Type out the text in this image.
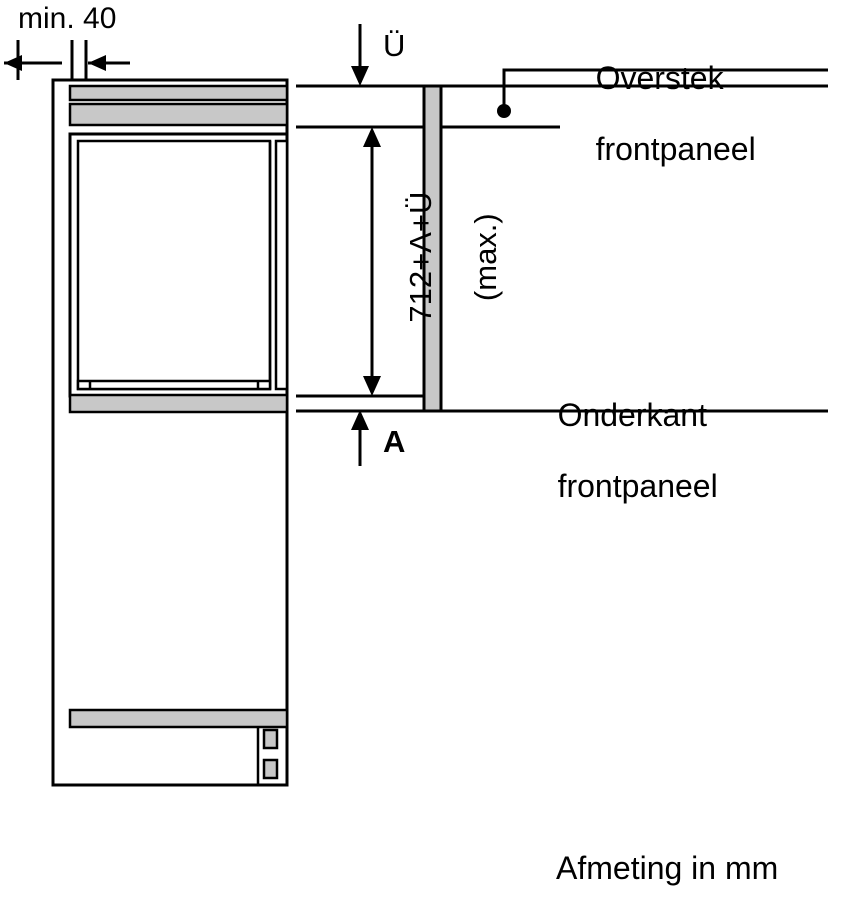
min. 40
Ü
A

712+A+Ü (max.)

Overstek

frontpaneel

Onderkant

frontpaneel

Afmeting in mm
